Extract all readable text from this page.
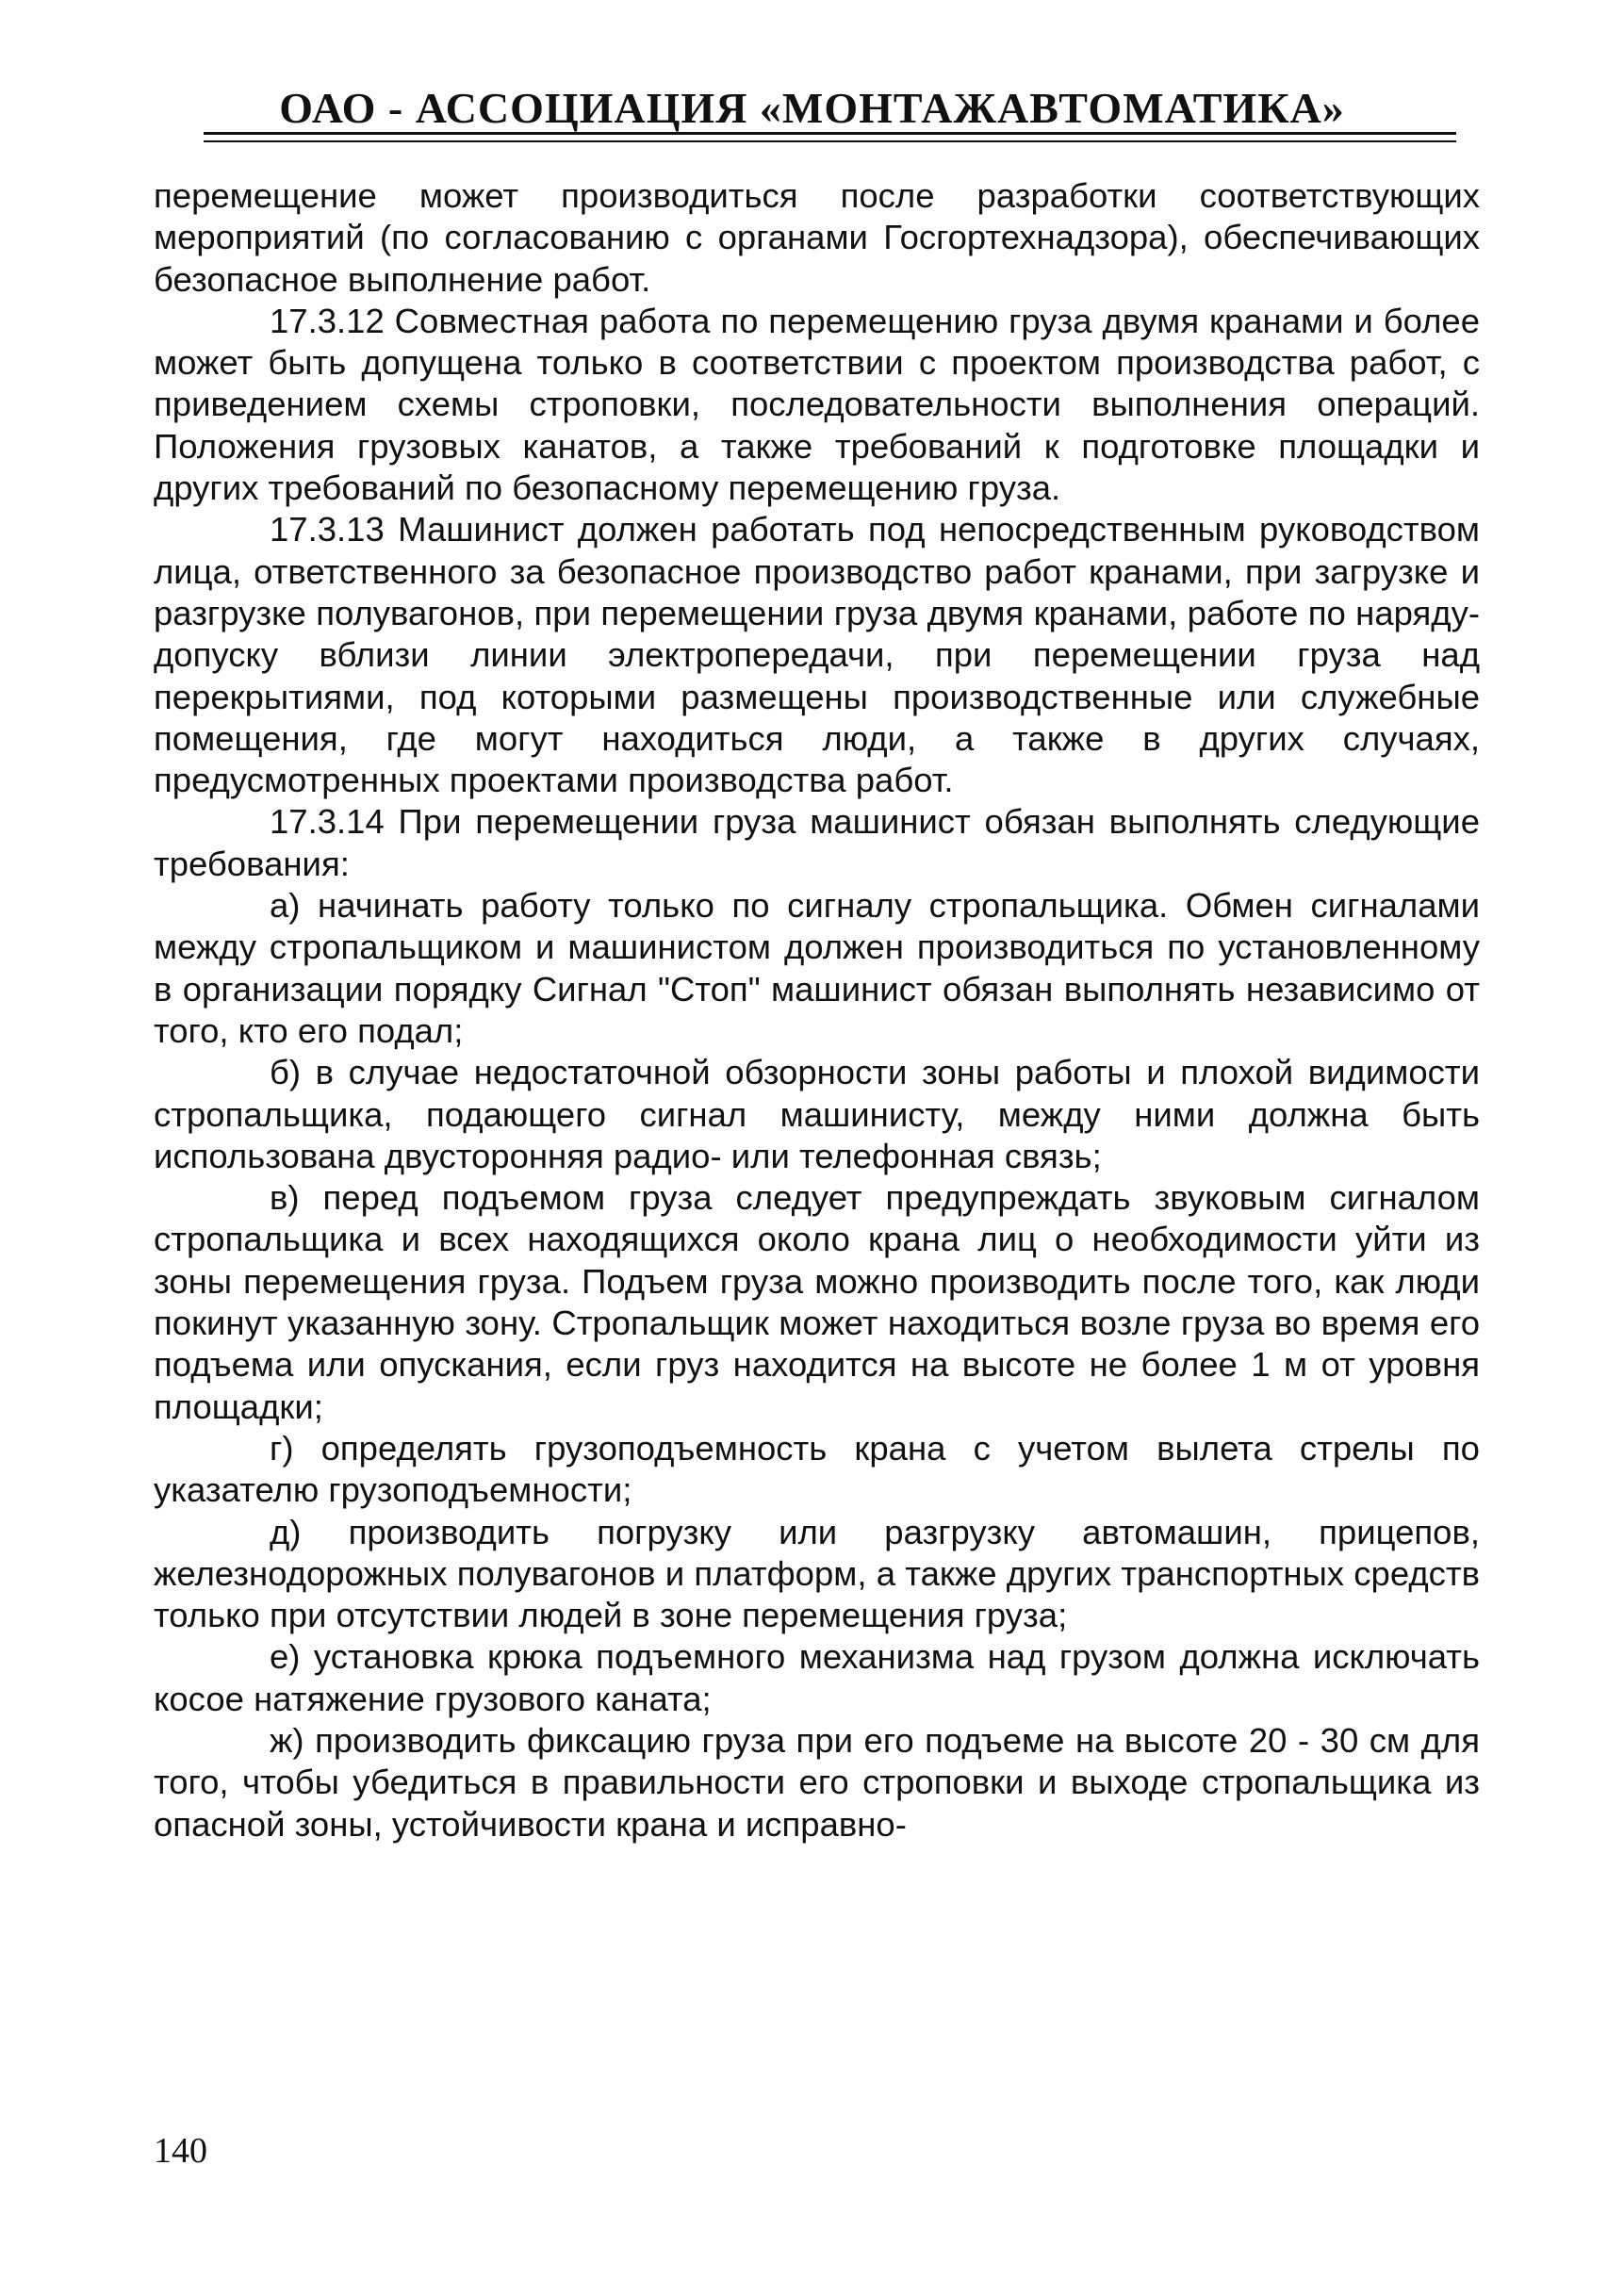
ОАО - АССОЦИАЦИЯ «МОНТАЖАВТОМАТИКА»

перемещение может производиться после разработки соответствующих мероприятий (по согласованию с органами Госгортехнадзора), обеспечивающих безопасное выполнение работ.

17.3.12 Совместная работа по перемещению груза двумя кранами и более может быть допущена только в соответствии с проектом производства работ, с приведением схемы строповки, последовательности выполнения операций. Положения грузовых канатов, а также требований к подготовке площадки и других требований по безопасному перемещению груза.

17.3.13 Машинист должен работать под непосредственным руководством лица, ответственного за безопасное производство работ кранами, при загрузке и разгрузке полувагонов, при перемещении груза двумя кранами, работе по наряду-допуску вблизи линии электропередачи, при перемещении груза над перекрытиями, под которыми размещены производственные или служебные помещения, где могут находиться люди, а также в других случаях, предусмотренных проектами производства работ.

17.3.14 При перемещении груза машинист обязан выполнять следующие требования:

а) начинать работу только по сигналу стропальщика. Обмен сигналами между стропальщиком и машинистом должен производиться по установленному в организации порядку Сигнал "Стоп" машинист обязан выполнять независимо от того, кто его подал;

б) в случае недостаточной обзорности зоны работы и плохой видимости стропальщика, подающего сигнал машинисту, между ними должна быть использована двусторонняя радио- или телефонная связь;

в) перед подъемом груза следует предупреждать звуковым сигналом стропальщика и всех находящихся около крана лиц о необходимости уйти из зоны перемещения груза. Подъем груза можно производить после того, как люди покинут указанную зону. Стропальщик может находиться возле груза во время его подъема или опускания, если груз находится на высоте не более 1 м от уровня площадки;

г) определять грузоподъемность крана с учетом вылета стрелы по указателю грузоподъемности;

д) производить погрузку или разгрузку автомашин, прицепов, железнодорожных полувагонов и платформ, а также других транспортных средств только при отсутствии людей в зоне перемещения груза;

е) установка крюка подъемного механизма над грузом должна исключать косое натяжение грузового каната;

ж) производить фиксацию груза при его подъеме на высоте 20 - 30 см для того, чтобы убедиться в правильности его строповки и выходе стропальщика из опасной зоны, устойчивости крана и исправно-

140
